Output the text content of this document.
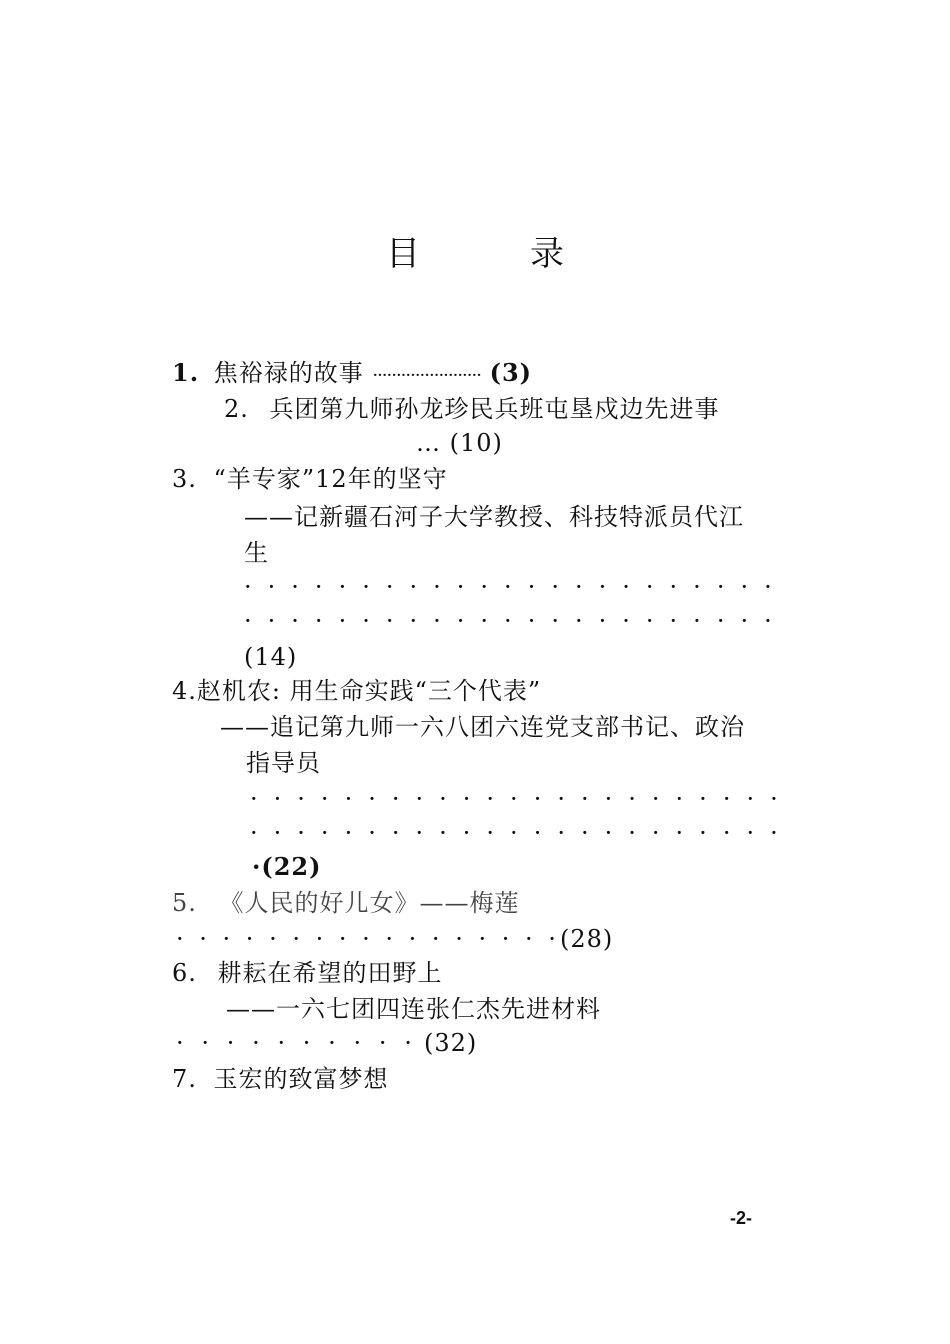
目	录
1. 焦裕禄的故事 ······················· (3)
2. 兵团第九师孙龙珍民兵班屯垦戍边先进事
… (10)
3. “羊专家”12年的坚守
——记新疆石河子大学教授、科技特派员代江
生
· · · · · · · · · · · · · · · · · · · · · · ·
· · · · · · · · · · · · · · · · · · · · · · ·
(14)
4.赵机农: 用生命实践“三个代表”
——追记第九师一六八团六连党支部书记、政治
指导员
· · · · · · · · · · · · · · · · · · · · · · ·
· · · · · · · · · · · · · · · · · · · · · · ·
·(22)
5. 《人民的好儿女》——梅莲
· · · · · · · · · · · · · · · · · (28)
6. 耕耘在希望的田野上
——一六七团四连张仁杰先进材料
· · · · · · · · · · (32)
7. 玉宏的致富梦想
-2-
